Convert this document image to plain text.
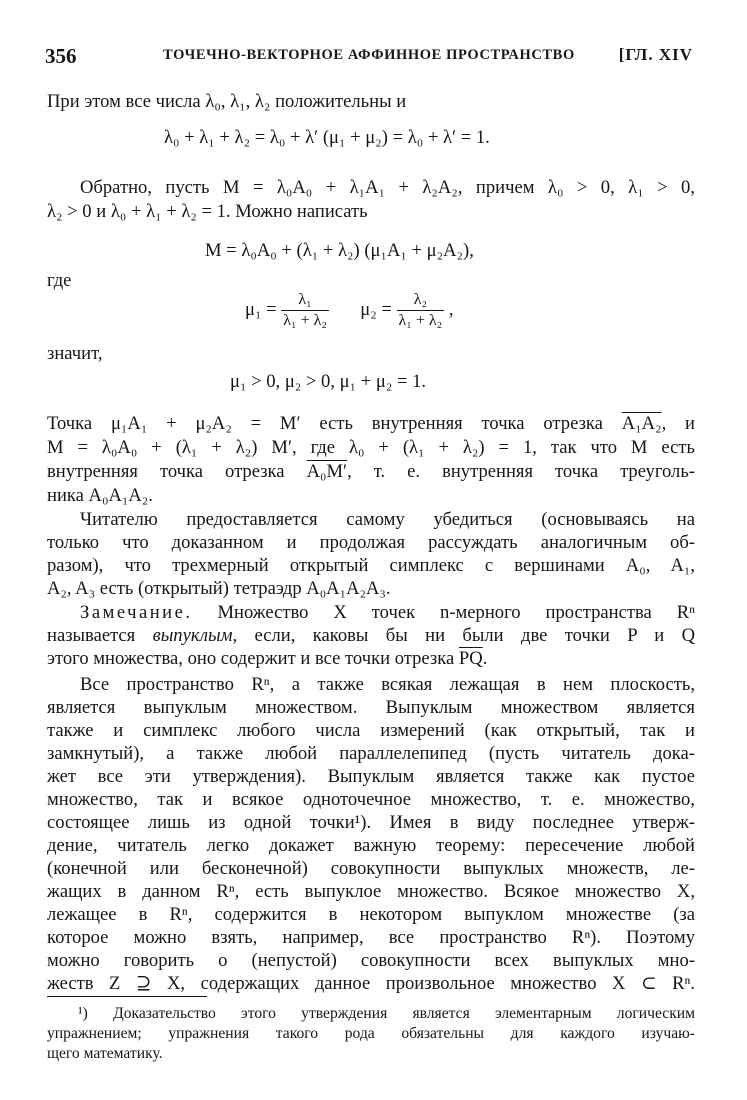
356	ТОЧЕЧНО-ВЕКТОРНОЕ АФФИННОЕ ПРОСТРАНСТВО	[ГЛ. XIV
При этом все числа λ₀, λ₁, λ₂ положительны и
λ₀ + λ₁ + λ₂ = λ₀ + λ′ (μ₁ + μ₂) = λ₀ + λ′ = 1.
Обратно, пусть M = λ₀A₀ + λ₁A₁ + λ₂A₂, причем λ₀ > 0, λ₁ > 0,
λ₂ > 0 и λ₀ + λ₁ + λ₂ = 1. Можно написать
M = λ₀A₀ + (λ₁ + λ₂) (μ₁A₁ + μ₂A₂),
где
$\mu_1 = \frac{\text{λ₁}}{\text{λ₁ + λ₂}} \mu_2 = \frac{\text{λ₂}}{\text{λ₁ + λ₂}}$ ,
значит,
μ₁ > 0, μ₂ > 0, μ₁ + μ₂ = 1.
Точка μ₁A₁ + μ₂A₂ = M′ есть внутренняя точка отрезка A₁A₂, и
M = λ₀A₀ + (λ₁ + λ₂) M′, где λ₀ + (λ₁ + λ₂) = 1, так что M есть
внутренняя точка отрезка A₀M′, т. е. внутренняя точка треуголь-
ника A₀A₁A₂.
Читателю предоставляется самому убедиться (основываясь на
только что доказанном и продолжая рассуждать аналогичным об-
разом), что трехмерный открытый симплекс с вершинами A₀, A₁,
A₂, A₃ есть (открытый) тетраэдр A₀A₁A₂A₃.
Замечание. Множество X точек n-мерного пространства Rⁿ
называется выпуклым, если, каковы бы ни были две точки P и Q
этого множества, оно содержит и все точки отрезка $\overline{PQ}$.
Все пространство Rⁿ, а также всякая лежащая в нем плоскость,
является выпуклым множеством. Выпуклым множеством является
также и симплекс любого числа измерений (как открытый, так и
замкнутый), а также любой параллелепипед (пусть читатель дока-
жет все эти утверждения). Выпуклым является также как пустое
множество, так и всякое одноточечное множество, т. е. множество,
состоящее лишь из одной точки¹). Имея в виду последнее утверж-
дение, читатель легко докажет важную теорему: пересечение любой
(конечной или бесконечной) совокупности выпуклых множеств, ле-
жащих в данном Rⁿ, есть выпуклое множество. Всякое множество X,
лежащее в Rⁿ, содержится в некотором выпуклом множестве (за
которое можно взять, например, все пространство Rⁿ). Поэтому
можно говорить о (непустой) совокупности всех выпуклых мно-
жеств Z ⊇ X, содержащих данное произвольное множество X ⊂ Rⁿ.
¹) Доказательство этого утверждения является элементарным логическим
упражнением; упражнения такого рода обязательны для каждого изучаю-
щего математику.
